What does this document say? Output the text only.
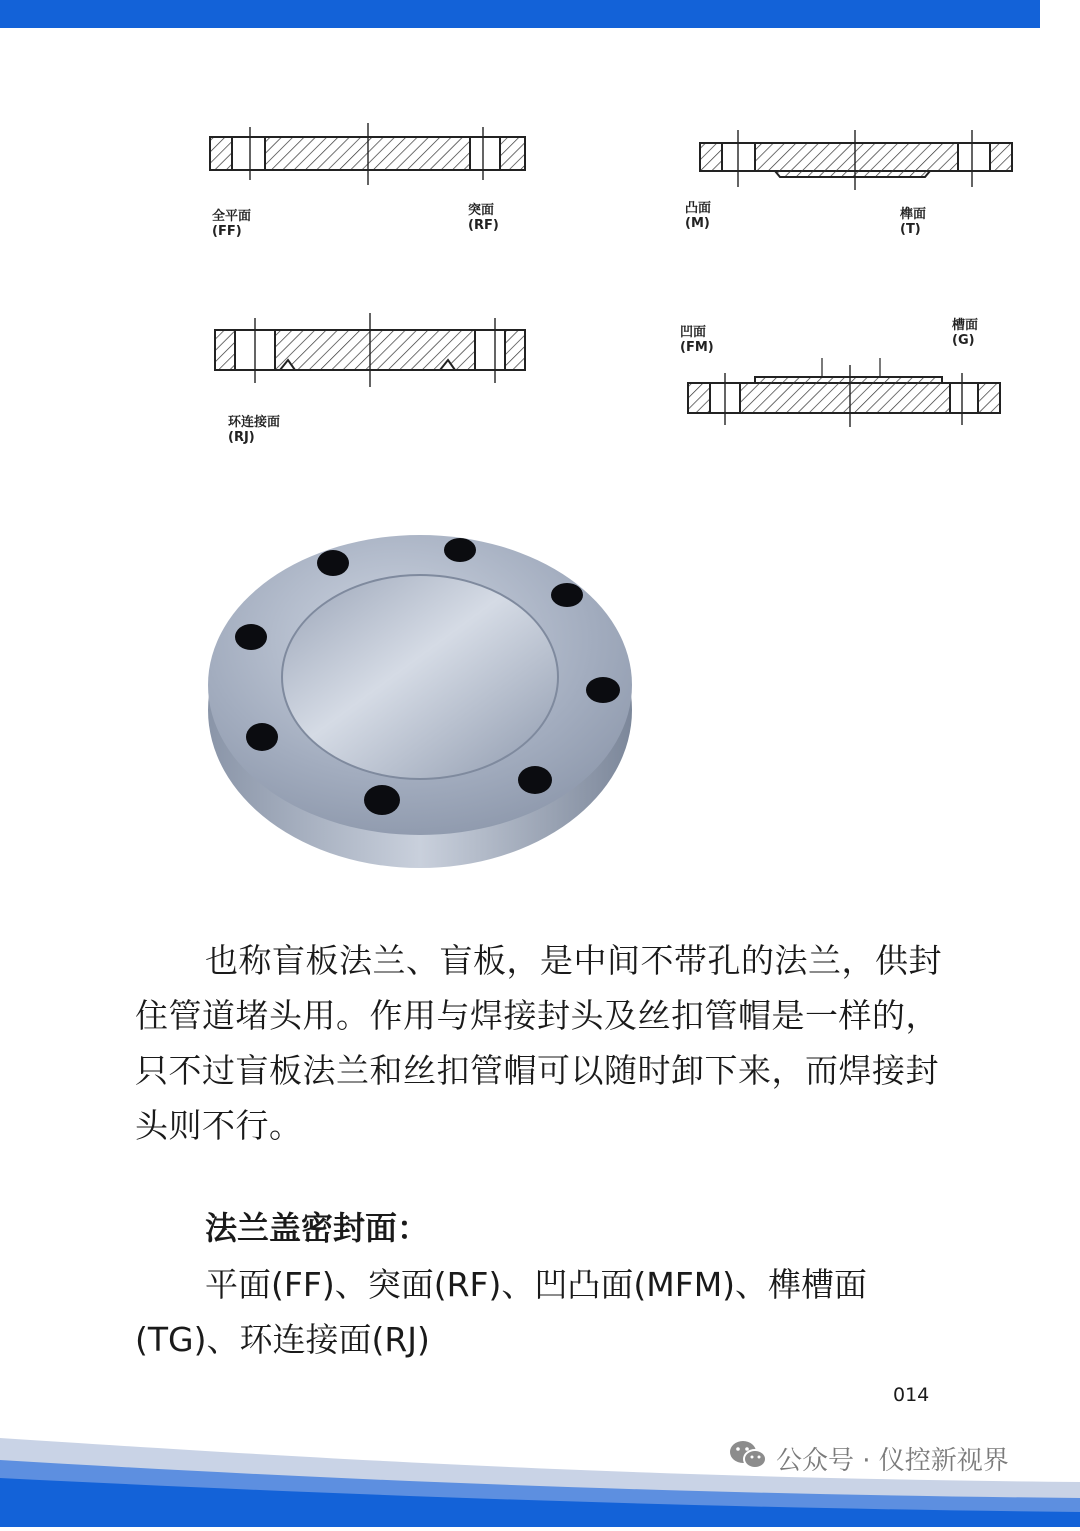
全平面
(FF)
突面
(RF)
凸面
(M)
榫面
(T)
环连接面
(RJ)
凹面
(FM)
槽面
(G)

也称盲板法兰、盲板，是中间不带孔的法兰，供封住管道堵头用。作用与焊接封头及丝扣管帽是一样的，只不过盲板法兰和丝扣管帽可以随时卸下来，而焊接封头则不行。

法兰盖密封面：

平面(FF)、突面(RF)、凹凸面(MFM)、榫槽面(TG)、环连接面(RJ)

014
公众号 · 仪控新视界
